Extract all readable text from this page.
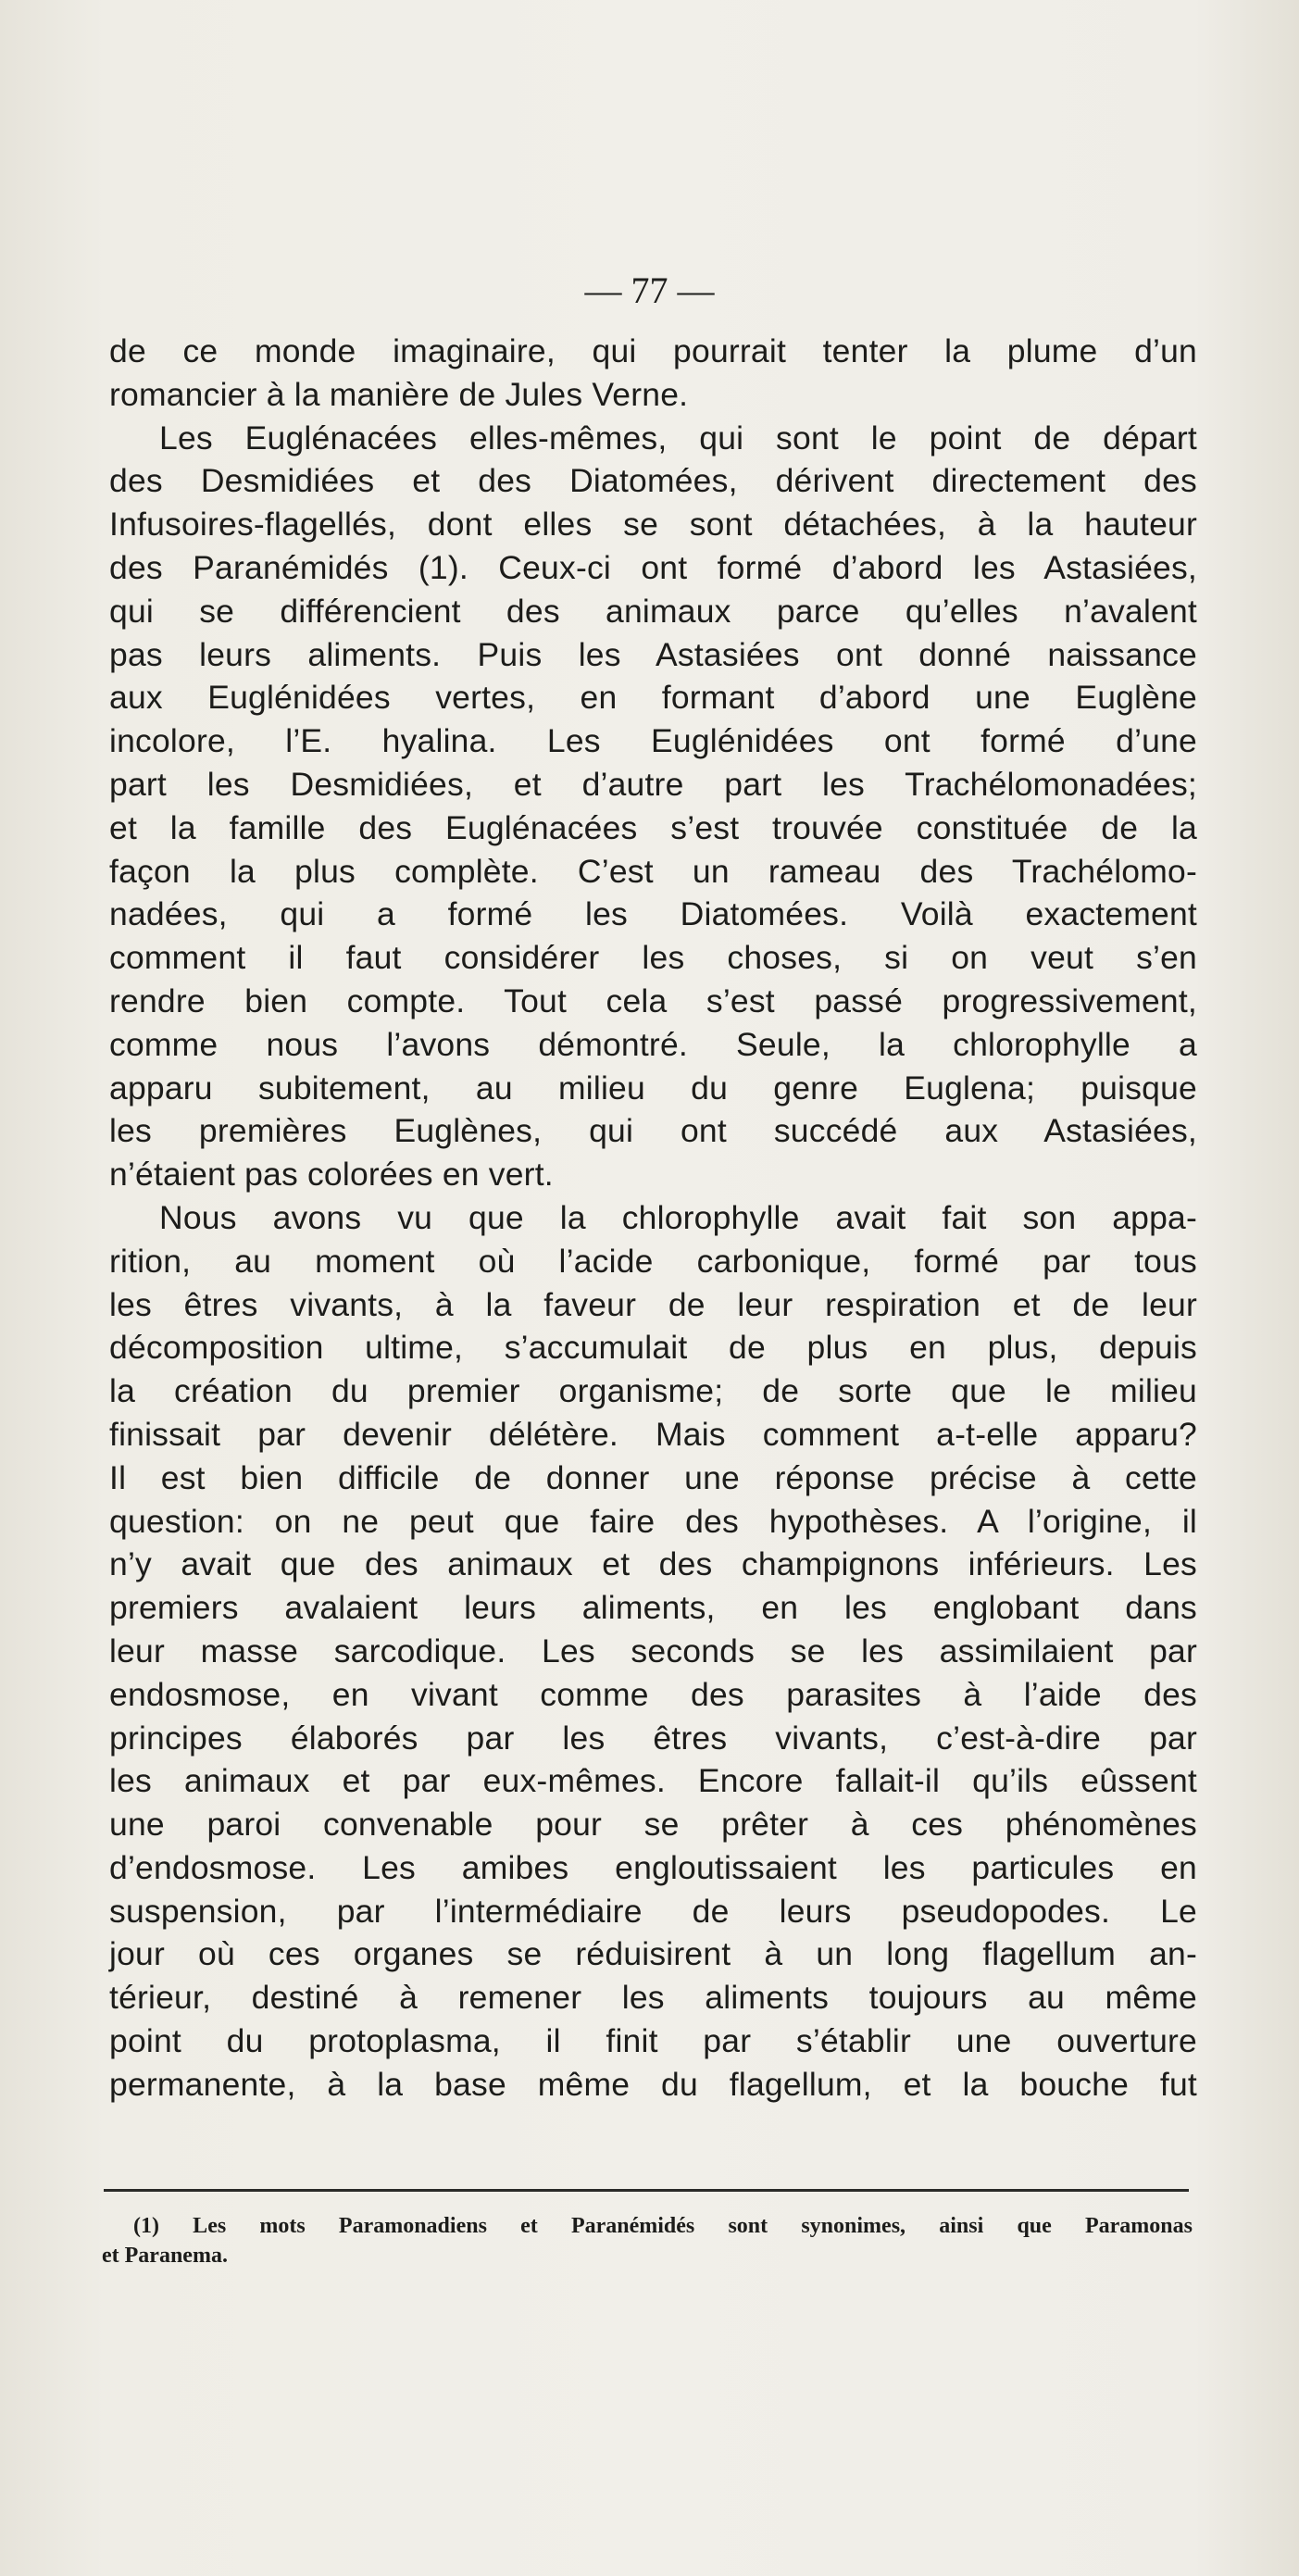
— 77 —
de ce monde imaginaire, qui pourrait tenter la plume d’un
romancier à la manière de Jules Verne.
Les Euglénacées elles-mêmes, qui sont le point de départ
des Desmidiées et des Diatomées, dérivent directement des
Infusoires-flagellés, dont elles se sont détachées, à la hauteur
des Paranémidés (1). Ceux-ci ont formé d’abord les Astasiées,
qui se différencient des animaux parce qu’elles n’avalent
pas leurs aliments. Puis les Astasiées ont donné naissance
aux Euglénidées vertes, en formant d’abord une Euglène
incolore, l’E. hyalina. Les Euglénidées ont formé d’une
part les Desmidiées, et d’autre part les Trachélomonadées;
et la famille des Euglénacées s’est trouvée constituée de la
façon la plus complète. C’est un rameau des Trachélomo-
nadées, qui a formé les Diatomées. Voilà exactement
comment il faut considérer les choses, si on veut s’en
rendre bien compte. Tout cela s’est passé progressivement,
comme nous l’avons démontré. Seule, la chlorophylle a
apparu subitement, au milieu du genre Euglena; puisque
les premières Euglènes, qui ont succédé aux Astasiées,
n’étaient pas colorées en vert.
Nous avons vu que la chlorophylle avait fait son appa-
rition, au moment où l’acide carbonique, formé par tous
les êtres vivants, à la faveur de leur respiration et de leur
décomposition ultime, s’accumulait de plus en plus, depuis
la création du premier organisme; de sorte que le milieu
finissait par devenir délétère. Mais comment a-t-elle apparu?
Il est bien difficile de donner une réponse précise à cette
question: on ne peut que faire des hypothèses. A l’origine, il
n’y avait que des animaux et des champignons inférieurs. Les
premiers avalaient leurs aliments, en les englobant dans
leur masse sarcodique. Les seconds se les assimilaient par
endosmose, en vivant comme des parasites à l’aide des
principes élaborés par les êtres vivants, c’est-à-dire par
les animaux et par eux-mêmes. Encore fallait-il qu’ils eûssent
une paroi convenable pour se prêter à ces phénomènes
d’endosmose. Les amibes engloutissaient les particules en
suspension, par l’intermédiaire de leurs pseudopodes. Le
jour où ces organes se réduisirent à un long flagellum an-
térieur, destiné à remener les aliments toujours au même
point du protoplasma, il finit par s’établir une ouverture
permanente, à la base même du flagellum, et la bouche fut
(1) Les mots Paramonadiens et Paranémidés sont synonimes, ainsi que Paramonas
et Paranema.
